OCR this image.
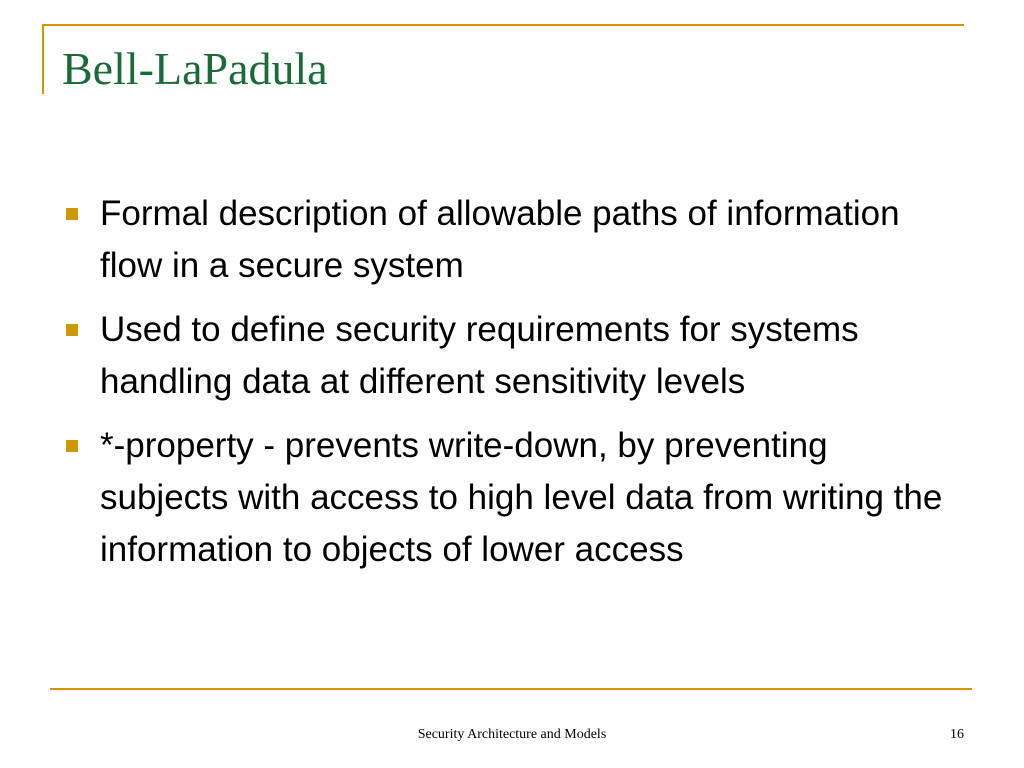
Bell-LaPadula
Formal description of allowable paths of information flow in a secure system
Used to define security requirements for systems handling data at different sensitivity levels
*-property - prevents write-down, by preventing subjects with access to high level data from writing the information to objects of lower access
Security Architecture and Models	16
